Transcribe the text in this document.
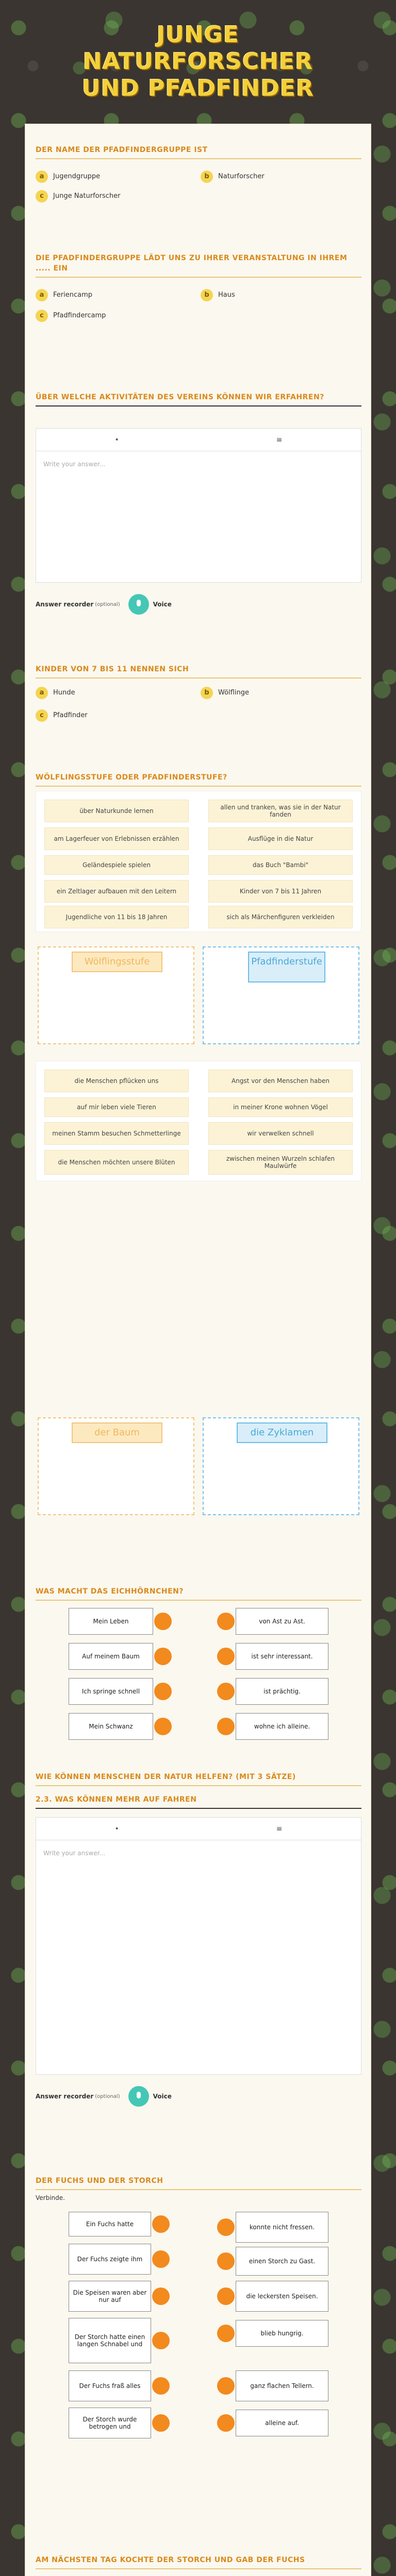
JUNGE NATURFORSCHER UND PFADFINDER
DER NAME DER PFADFINDERGRUPPE IST
a	Jugendgruppe	b	Naturforscher
c	Junge Naturforscher
DIE PFADFINDERGRUPPE LÄDT UNS ZU IHRER VERANSTALTUNG IN IHREM ..... EIN
a	Feriencamp	b	Haus
c	Pfadfindercamp
ÜBER WELCHE AKTIVITÄTEN DES VEREINS KÖNNEN WIR ERFAHREN?
•	≡
Write your answer...
Answer recorder (optional)	Voice
KINDER VON 7 BIS 11 NENNEN SICH
a	Hunde	b	Wölflinge
c	Pfadfinder
WÖLFLINGSSTUFE ODER PFADFINDERSTUFE?
über Naturkunde lernen	allen und tranken, was sie in der Natur fanden
am Lagerfeuer von Erlebnissen erzählen	Ausflüge in die Natur
Geländespiele spielen	das Buch "Bambi"
ein Zeltlager aufbauen mit den Leitern	Kinder von 7 bis 11 Jahren
Jugendliche von 11 bis 18 Jahren	sich als Märchenfiguren verkleiden
Wölflingsstufe	Pfadfinderstufe
die Menschen pflücken uns	Angst vor den Menschen haben
auf mir leben viele Tieren	in meiner Krone wohnen Vögel
meinen Stamm besuchen Schmetterlinge	wir verwelken schnell
die Menschen möchten unsere Blüten	zwischen meinen Wurzeln schlafen Maulwürfe
der Baum	die Zyklamen
WAS MACHT DAS EICHHÖRNCHEN?
Mein Leben
Auf meinem Baum
Ich springe schnell
Mein Schwanz
von Ast zu Ast.
ist sehr interessant.
ist prächtig.
wohne ich alleine.
WIE KÖNNEN MENSCHEN DER NATUR HELFEN? (MIT 3 SÄTZE)
2.3. WAS KÖNNEN MEHR AUF FAHREN
•	≡
Write your answer...
Answer recorder (optional)	Voice
DER FUCHS UND DER STORCH
Verbinde.
Ein Fuchs hatte
Der Fuchs zeigte ihm
Die Speisen waren aber nur auf
Der Storch hatte einen langen Schnabel und
Der Fuchs fraß alles
Der Storch wurde betrogen und
konnte nicht fressen.
einen Storch zu Gast.
die leckersten Speisen.
blieb hungrig.
ganz flachen Tellern.
alleine auf.
AM NÄCHSTEN TAG KOCHTE DER STORCH UND GAB DER FUCHS
